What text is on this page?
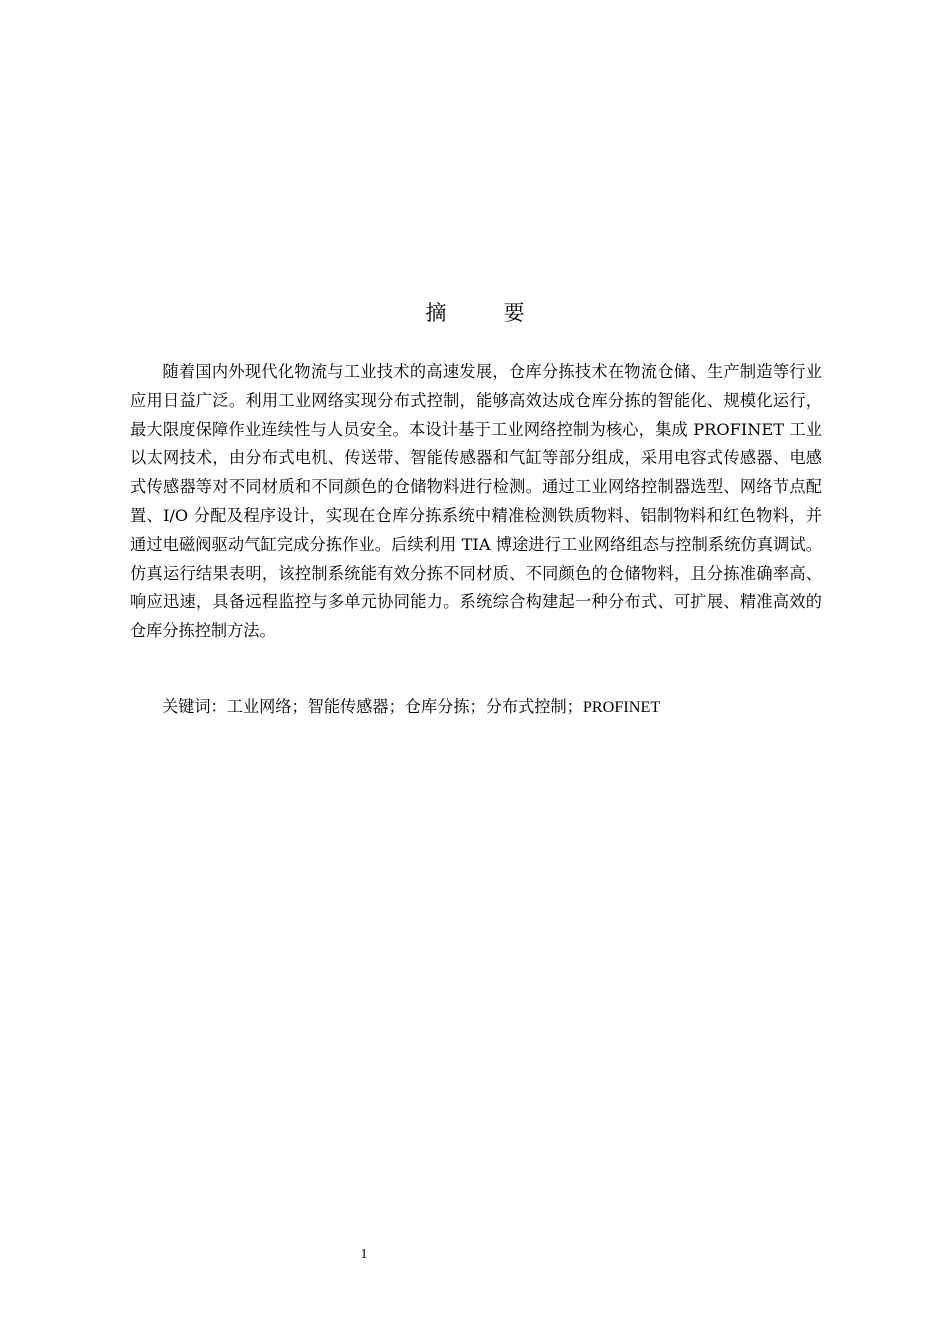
摘　要

随着国内外现代化物流与工业技术的高速发展，仓库分拣技术在物流仓储、生产制造等行业应用日益广泛。利用工业网络实现分布式控制，能够高效达成仓库分拣的智能化、规模化运行，最大限度保障作业连续性与人员安全。本设计基于工业网络控制为核心，集成 PROFINET 工业以太网技术，由分布式电机、传送带、智能传感器和气缸等部分组成，采用电容式传感器、电感式传感器等对不同材质和不同颜色的仓储物料进行检测。通过工业网络控制器选型、网络节点配置、I/O 分配及程序设计，实现在仓库分拣系统中精准检测铁质物料、铝制物料和红色物料，并通过电磁阀驱动气缸完成分拣作业。后续利用 TIA 博途进行工业网络组态与控制系统仿真调试。仿真运行结果表明，该控制系统能有效分拣不同材质、不同颜色的仓储物料，且分拣准确率高、响应迅速，具备远程监控与多单元协同能力。系统综合构建起一种分布式、可扩展、精准高效的仓库分拣控制方法。

关键词：工业网络；智能传感器；仓库分拣；分布式控制；PROFINET
1
